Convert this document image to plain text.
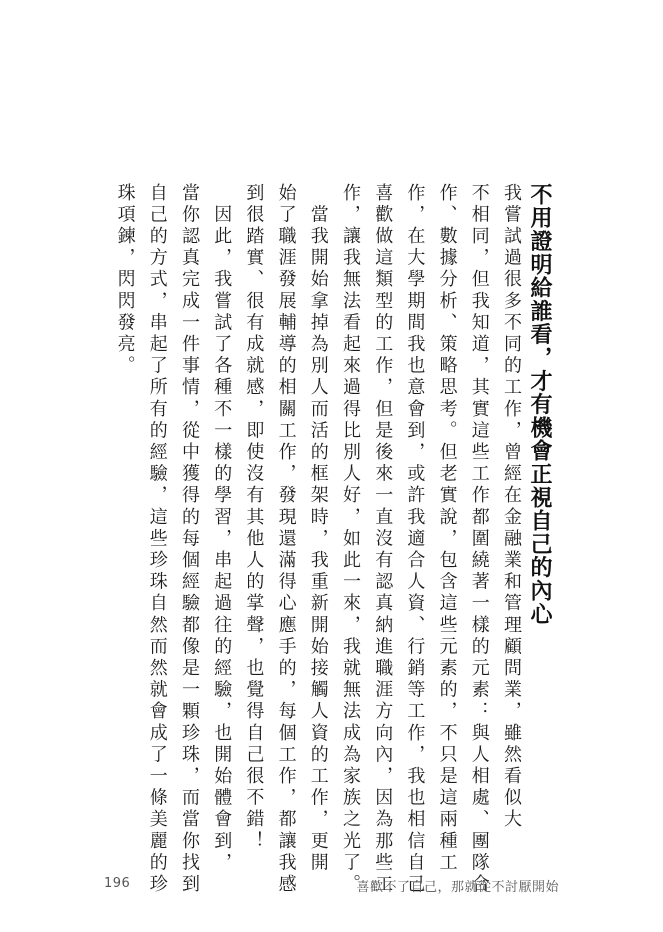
不用證明給誰看，才有機會正視自己的內心
我嘗試過很多不同的工作，曾經在金融業和管理顧問業，雖然看似大
不相同，但我知道，其實這些工作都圍繞著一樣的元素：與人相處、團隊合
作、數據分析、策略思考。但老實說，包含這些元素的，不只是這兩種工
作，在大學期間我也意會到，或許我適合人資、行銷等工作，我也相信自己
喜歡做這類型的工作，但是後來一直沒有認真納進職涯方向內，因為那些工
作，讓我無法看起來過得比別人好，如此一來，我就無法成為家族之光了。
　當我開始拿掉為別人而活的框架時，我重新開始接觸人資的工作，更開
始了職涯發展輔導的相關工作，發現還滿得心應手的，每個工作，都讓我感
到很踏實、很有成就感，即使沒有其他人的掌聲，也覺得自己很不錯！
　因此，我嘗試了各種不一樣的學習，串起過往的經驗，也開始體會到，
當你認真完成一件事情，從中獲得的每個經驗都像是一顆珍珠，而當你找到
自己的方式，串起了所有的經驗，這些珍珠自然而然就會成了一條美麗的珍
珠項鍊，閃閃發亮。
196	喜歡不了自己，那就從不討厭開始
